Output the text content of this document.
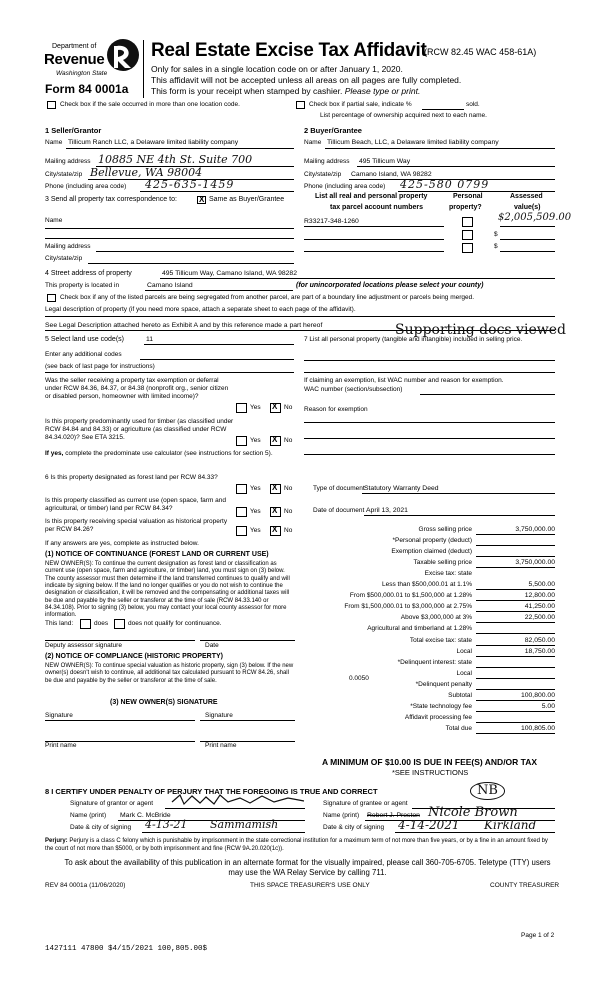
Department of
Revenue
Washington State
Form 84 0001a
Real Estate Excise Tax Affidavit
(RCW 82.45 WAC 458-61A)
Only for sales in a single location code on or after January 1, 2020.
This affidavit will not be accepted unless all areas on all pages are fully completed.
This form is your receipt when stamped by cashier. Please type or print.
Check box if the sale occurred in more than one location code.	Check box if partial sale, indicate %	sold.
List percentage of ownership acquired next to each name.
1 Seller/Grantor
Name Tillicum Ranch LLC, a Delaware limited liability company
Mailing address 10885 NE 4th St. Suite 700
City/state/zip Bellevue, WA 98004
Phone (including area code) 425-635-1459
2 Buyer/Grantee
Name Tillicum Beach, LLC, a Delaware limited liability company
Mailing address 495 Tillicum Way
City/state/zip Camano Island, WA 98282
Phone (including area code) 425-580 0799
3 Send all property tax correspondence to: X	Same as Buyer/Grantee
Name
Mailing address
City/state/zip
List all real and personal property
tax parcel account numbers
Personal
property?
Assessed
value(s)
R33217-348-1260	$2,005,509.00
$
$
4 Street address of property	495 Tillicum Way, Camano Island, WA 98282
This property is located in	Camano Island	(for unincorporated locations please select your county)
Check box if any of the listed parcels are being segregated from another parcel, are part of a boundary line adjustment or parcels being merged.
Legal description of property (if you need more space, attach a separate sheet to each page of the affidavit).
See Legal Description attached hereto as Exhibit A and by this reference made a part hereof
5 Select land use code(s)	11
Enter any additional codes
(see back of last page for instructions)
Was the seller receiving a property tax exemption or deferral under RCW 84.36, 84.37, or 84.38 (nonprofit org., senior citizen or disabled person, homeowner with limited income)?
Yes X	No
Is this property predominantly used for timber (as classified under RCW 84.84 and 84.33) or agriculture (as classified under RCW 84.34.020)? See ETA 3215.	Yes X	No
If yes, complete the predominate use calculator (see instructions for section 5).
6 Is this property designated as forest land per RCW 84.33?
Yes X	No
Is this property classified as current use (open space, farm and agricultural, or timber) land per RCW 84.34?	Yes X	No
Is this property receiving special valuation as historical property per RCW 84.26?	Yes X	No
If any answers are yes, complete as instructed below.
(1) NOTICE OF CONTINUANCE (FOREST LAND OR CURRENT USE)
NEW OWNER(S): To continue the current designation as forest land or classification as current use (open space, farm and agriculture, or timber) land, you must sign on (3) below. The county assessor must then determine if the land transferred continues to qualify and will indicate by signing below. If the land no longer qualifies or you do not wish to continue the designation or classification, it will be removed and the compensating or additional taxes will be due and payable by the seller or transferor at the time of sale (RCW 84.33.140 or 84.34.108). Prior to signing (3) below, you may contact your local county assessor for more information.
This land:	does	does not qualify for continuance.
Deputy assessor signature	Date
(2) NOTICE OF COMPLIANCE (HISTORIC PROPERTY)
NEW OWNER(S): To continue special valuation as historic property, sign (3) below. If the new owner(s) doesn't wish to continue, all additional tax calculated pursuant to RCW 84.26, shall be due and payable by the seller or transferor at the time of sale.
(3) NEW OWNER(S) SIGNATURE
Signature	Signature
Print name	Print name
Supporting docs viewed
7 List all personal property (tangible and intangible) included in selling price.
If claiming an exemption, list WAC number and reason for exemption.
WAC number (section/subsection)
Reason for exemption
Type of document Statutory Warranty Deed
Date of document April 13, 2021
Gross selling price	3,750,000.00
*Personal property (deduct)
Exemption claimed (deduct)
Taxable selling price	3,750,000.00
Excise tax: state
Less than $500,000.01 at 1.1%	5,500.00
From $500,000.01 to $1,500,000 at 1.28%	12,800.00
From $1,500,000.01 to $3,000,000 at 2.75%	41,250.00
Above $3,000,000 at 3%	22,500.00
Agricultural and timberland at 1.28%
Total excise tax: state	82,050.00
Local	18,750.00
*Delinquent interest: state
Local
*Delinquent penalty
Subtotal	100,800.00
*State technology fee	5.00
Affidavit processing fee
Total due	100,805.00
0.0050
A MINIMUM OF $10.00 IS DUE IN FEE(S) AND/OR TAX
*SEE INSTRUCTIONS
8 I CERTIFY UNDER PENALTY OF PERJURY THAT THE FOREGOING IS TRUE AND CORRECT
Signature of grantor or agent	Signature of grantee or agent
NB
Name (print) Mark C. McBride	Name (print) Robert J. Preston Nicole Brown
Date & city of signing 4-13-21 Sammamish	Date & city of signing 4-14-2021 Kirkland
Perjury: Perjury is a class C felony which is punishable by imprisonment in the state correctional institution for a maximum term of not more than five years, or by a fine in an amount fixed by the court of not more than $5000, or by both imprisonment and fine (RCW 9A.20.020(1c)).
To ask about the availability of this publication in an alternate format for the visually impaired, please call 360-705-6705. Teletype (TTY) users may use the WA Relay Service by calling 711.
REV 84 0001a (11/06/2020)	THIS SPACE TREASURER'S USE ONLY	COUNTY TREASURER
1427111 47800 $4/15/2021 100,805.00$
Page 1 of 2
